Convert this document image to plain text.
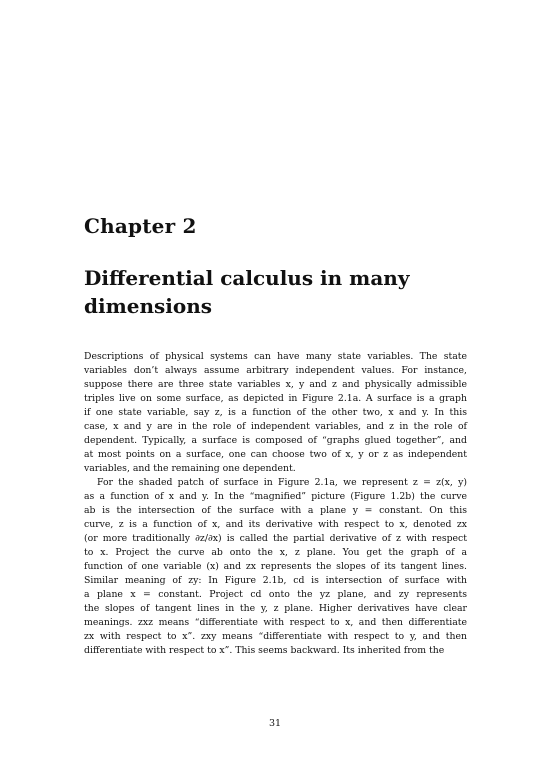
Chapter 2
Differential calculus in many
dimensions
Descriptions of physical systems can have many state variables. The state
variables don’t always assume arbitrary independent values. For instance,
suppose there are three state variables x, y and z and physically admissible
triples live on some surface, as depicted in Figure 2.1a. A surface is a graph
if one state variable, say z, is a function of the other two, x and y. In this
case, x and y are in the role of independent variables, and z in the role of
dependent. Typically, a surface is composed of “graphs glued together”, and
at most points on a surface, one can choose two of x, y or z as independent
variables, and the remaining one dependent.
For the shaded patch of surface in Figure 2.1a, we represent z = z(x, y)
as a function of x and y. In the “magnified” picture (Figure 1.2b) the curve
ab is the intersection of the surface with a plane y = constant. On this
curve, z is a function of x, and its derivative with respect to x, denoted zx
(or more traditionally ∂z/∂x) is called the partial derivative of z with respect
to x. Project the curve ab onto the x, z plane. You get the graph of a
function of one variable (x) and zx represents the slopes of its tangent lines.
Similar meaning of zy: In Figure 2.1b, cd is intersection of surface with
a plane x = constant. Project cd onto the yz plane, and zy represents
the slopes of tangent lines in the y, z plane. Higher derivatives have clear
meanings. zxz means “differentiate with respect to x, and then differentiate
zx with respect to x”. zxy means “differentiate with respect to y, and then
differentiate with respect to x”. This seems backward. Its inherited from the
31
